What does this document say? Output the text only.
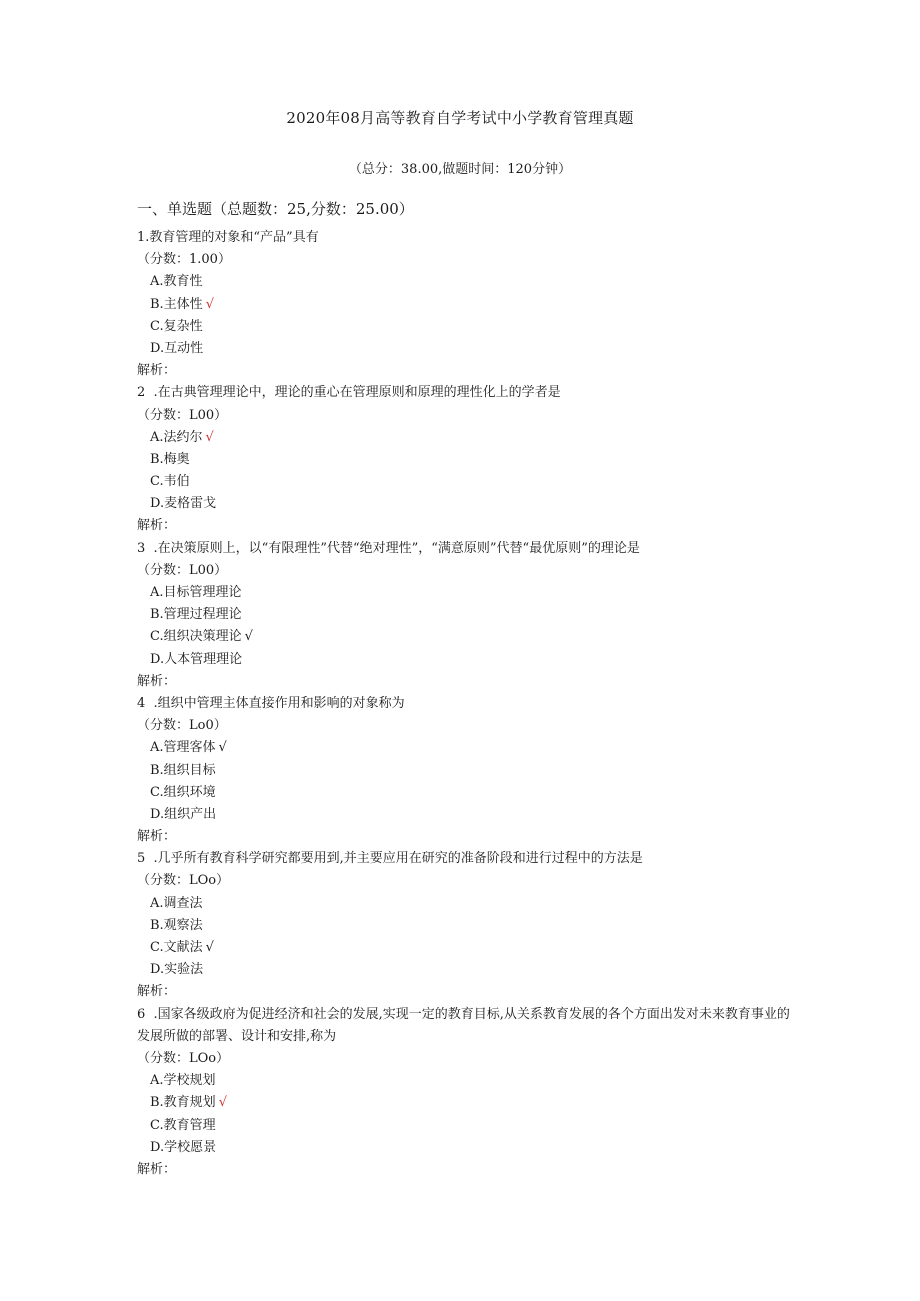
2020年08月高等教育自学考试中小学教育管理真题
（总分：38.00,做题时间：120分钟）
一、单选题（总题数：25,分数：25.00）
1.教育管理的对象和“产品”具有
（分数：1.00）
A.教育性
B.主体性 √
C.复杂性
D.互动性
解析：
2  .在古典管理理论中，理论的重心在管理原则和原理的理性化上的学者是
（分数：L00）
A.法约尔 √
B.梅奥
C.韦伯
D.麦格雷戈
解析：
3  .在决策原则上，以“有限理性”代替“绝对理性”，“满意原则”代替“最优原则”的理论是
（分数：L00）
A.目标管理理论
B.管理过程理论
C.组织决策理论 √
D.人本管理理论
解析：
4  .组织中管理主体直接作用和影响的对象称为
（分数：Lo0）
A.管理客体 √
B.组织目标
C.组织环境
D.组织产出
解析：
5  .几乎所有教育科学研究都要用到,并主要应用在研究的准备阶段和进行过程中的方法是
（分数：LOo）
A.调查法
B.观察法
C.文献法 √
D.实验法
解析：
6  .国家各级政府为促进经济和社会的发展,实现一定的教育目标,从关系教育发展的各个方面出发对未来教育事业的发展所做的部署、设计和安排,称为
（分数：LOo）
A.学校规划
B.教育规划 √
C.教育管理
D.学校愿景
解析：
